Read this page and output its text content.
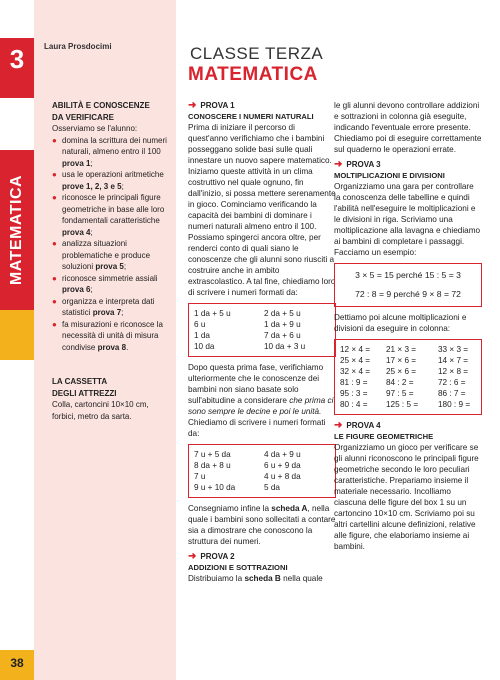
3
MATEMATICA
38
Laura Prosdocimi
ABILITÀ E CONOSCENZE
DA VERIFICARE
Osserviamo se l'alunno:
● domina la scrittura dei numeri naturali, almeno entro il 100 prova 1;
● usa le operazioni aritmetiche prove 1, 2, 3 e 5;
● riconosce le principali figure geometriche in base alle loro fondamentali caratteristiche prova 4;
● analizza situazioni problematiche e produce soluzioni prova 5;
● riconosce simmetrie assiali prova 6;
● organizza e interpreta dati statistici prova 7;
● fa misurazioni e riconosce la necessità di unità di misura condivise prova 8.
LA CASSETTA
DEGLI ATTREZZI
Colla, cartoncini 10×10 cm, forbici, metro da sarta.
CLASSE TERZA
MATEMATICA
➜ PROVA 1
CONOSCERE I NUMERI NATURALI

Prima di iniziare il percorso di quest'anno verifichiamo che i bambini posseggano solide basi sulle quali innestare un nuovo sapere matematico. Iniziamo queste attività in un clima costruttivo nel quale ognuno, fin dall'inizio, si possa mettere serenamente in gioco. Cominciamo verificando la capacità dei bambini di dominare i numeri naturali almeno entro il 100. Possiamo spingerci ancora oltre, per renderci conto di quali siano le conoscenze che gli alunni sono riusciti a costruire anche in ambito extrascolastico. A tal fine, chiediamo loro di scrivere i numeri formati da:

1 da + 5 u	2 da + 5 u
6 u	1 da + 9 u
1 da	7 da + 6 u
10 da	10 da + 3 u

Dopo questa prima fase, verifichiamo ulteriormente che le conoscenze dei bambini non siano basate solo sull'abitudine a considerare che prima ci sono sempre le decine e poi le unità. Chiediamo di scrivere i numeri formati da:

7 u + 5 da	4 da + 9 u
8 da + 8 u	6 u + 9 da
7 u	4 u + 8 da
9 u + 10 da	5 da

Consegniamo infine la scheda A, nella quale i bambini sono sollecitati a contare sia a dimostrare che conoscono la struttura dei numeri.

➜ PROVA 2
ADDIZIONI E SOTTRAZIONI

Distribuiamo la scheda B nella quale

le gli alunni devono controllare addizioni e sottrazioni in colonna già eseguite, indicando l'eventuale errore presente. Chiediamo poi di eseguire correttamente sul quaderno le operazioni errate.

➜ PROVA 3
MOLTIPLICAZIONI E DIVISIONI

Organizziamo una gara per controllare la conoscenza delle tabelline e quindi l'abilità nell'eseguire le moltiplicazioni e le divisioni in riga. Scriviamo una moltiplicazione alla lavagna e chiediamo ai bambini di completare i passaggi. Facciamo un esempio:

3 × 5 = 15 perché 15 : 5 = 3

72 : 8 = 9 perché 9 × 8 = 72

Dettiamo poi alcune moltiplicazioni e divisioni da eseguire in colonna:

12 × 4 =	21 × 3 =	33 × 3 =
25 × 4 =	17 × 6 =	14 × 7 =
32 × 4 =	25 × 6 =	12 × 8 =
81 : 9 =	84 : 2 =	72 : 6 =
95 : 3 =	97 : 5 =	86 : 7 =
80 : 4 =	125 : 5 =	180 : 9 =
➜ PROVA 4
LE FIGURE GEOMETRICHE

Organizziamo un gioco per verificare se gli alunni riconoscono le principali figure geometriche secondo le loro peculiari caratteristiche. Prepariamo insieme il materiale necessario. Incolliamo ciascuna delle figure del box 1 su un cartoncino 10×10 cm. Scriviamo poi su altri cartellini alcune definizioni, relative alle figure, che elaboriamo insieme ai bambini.
